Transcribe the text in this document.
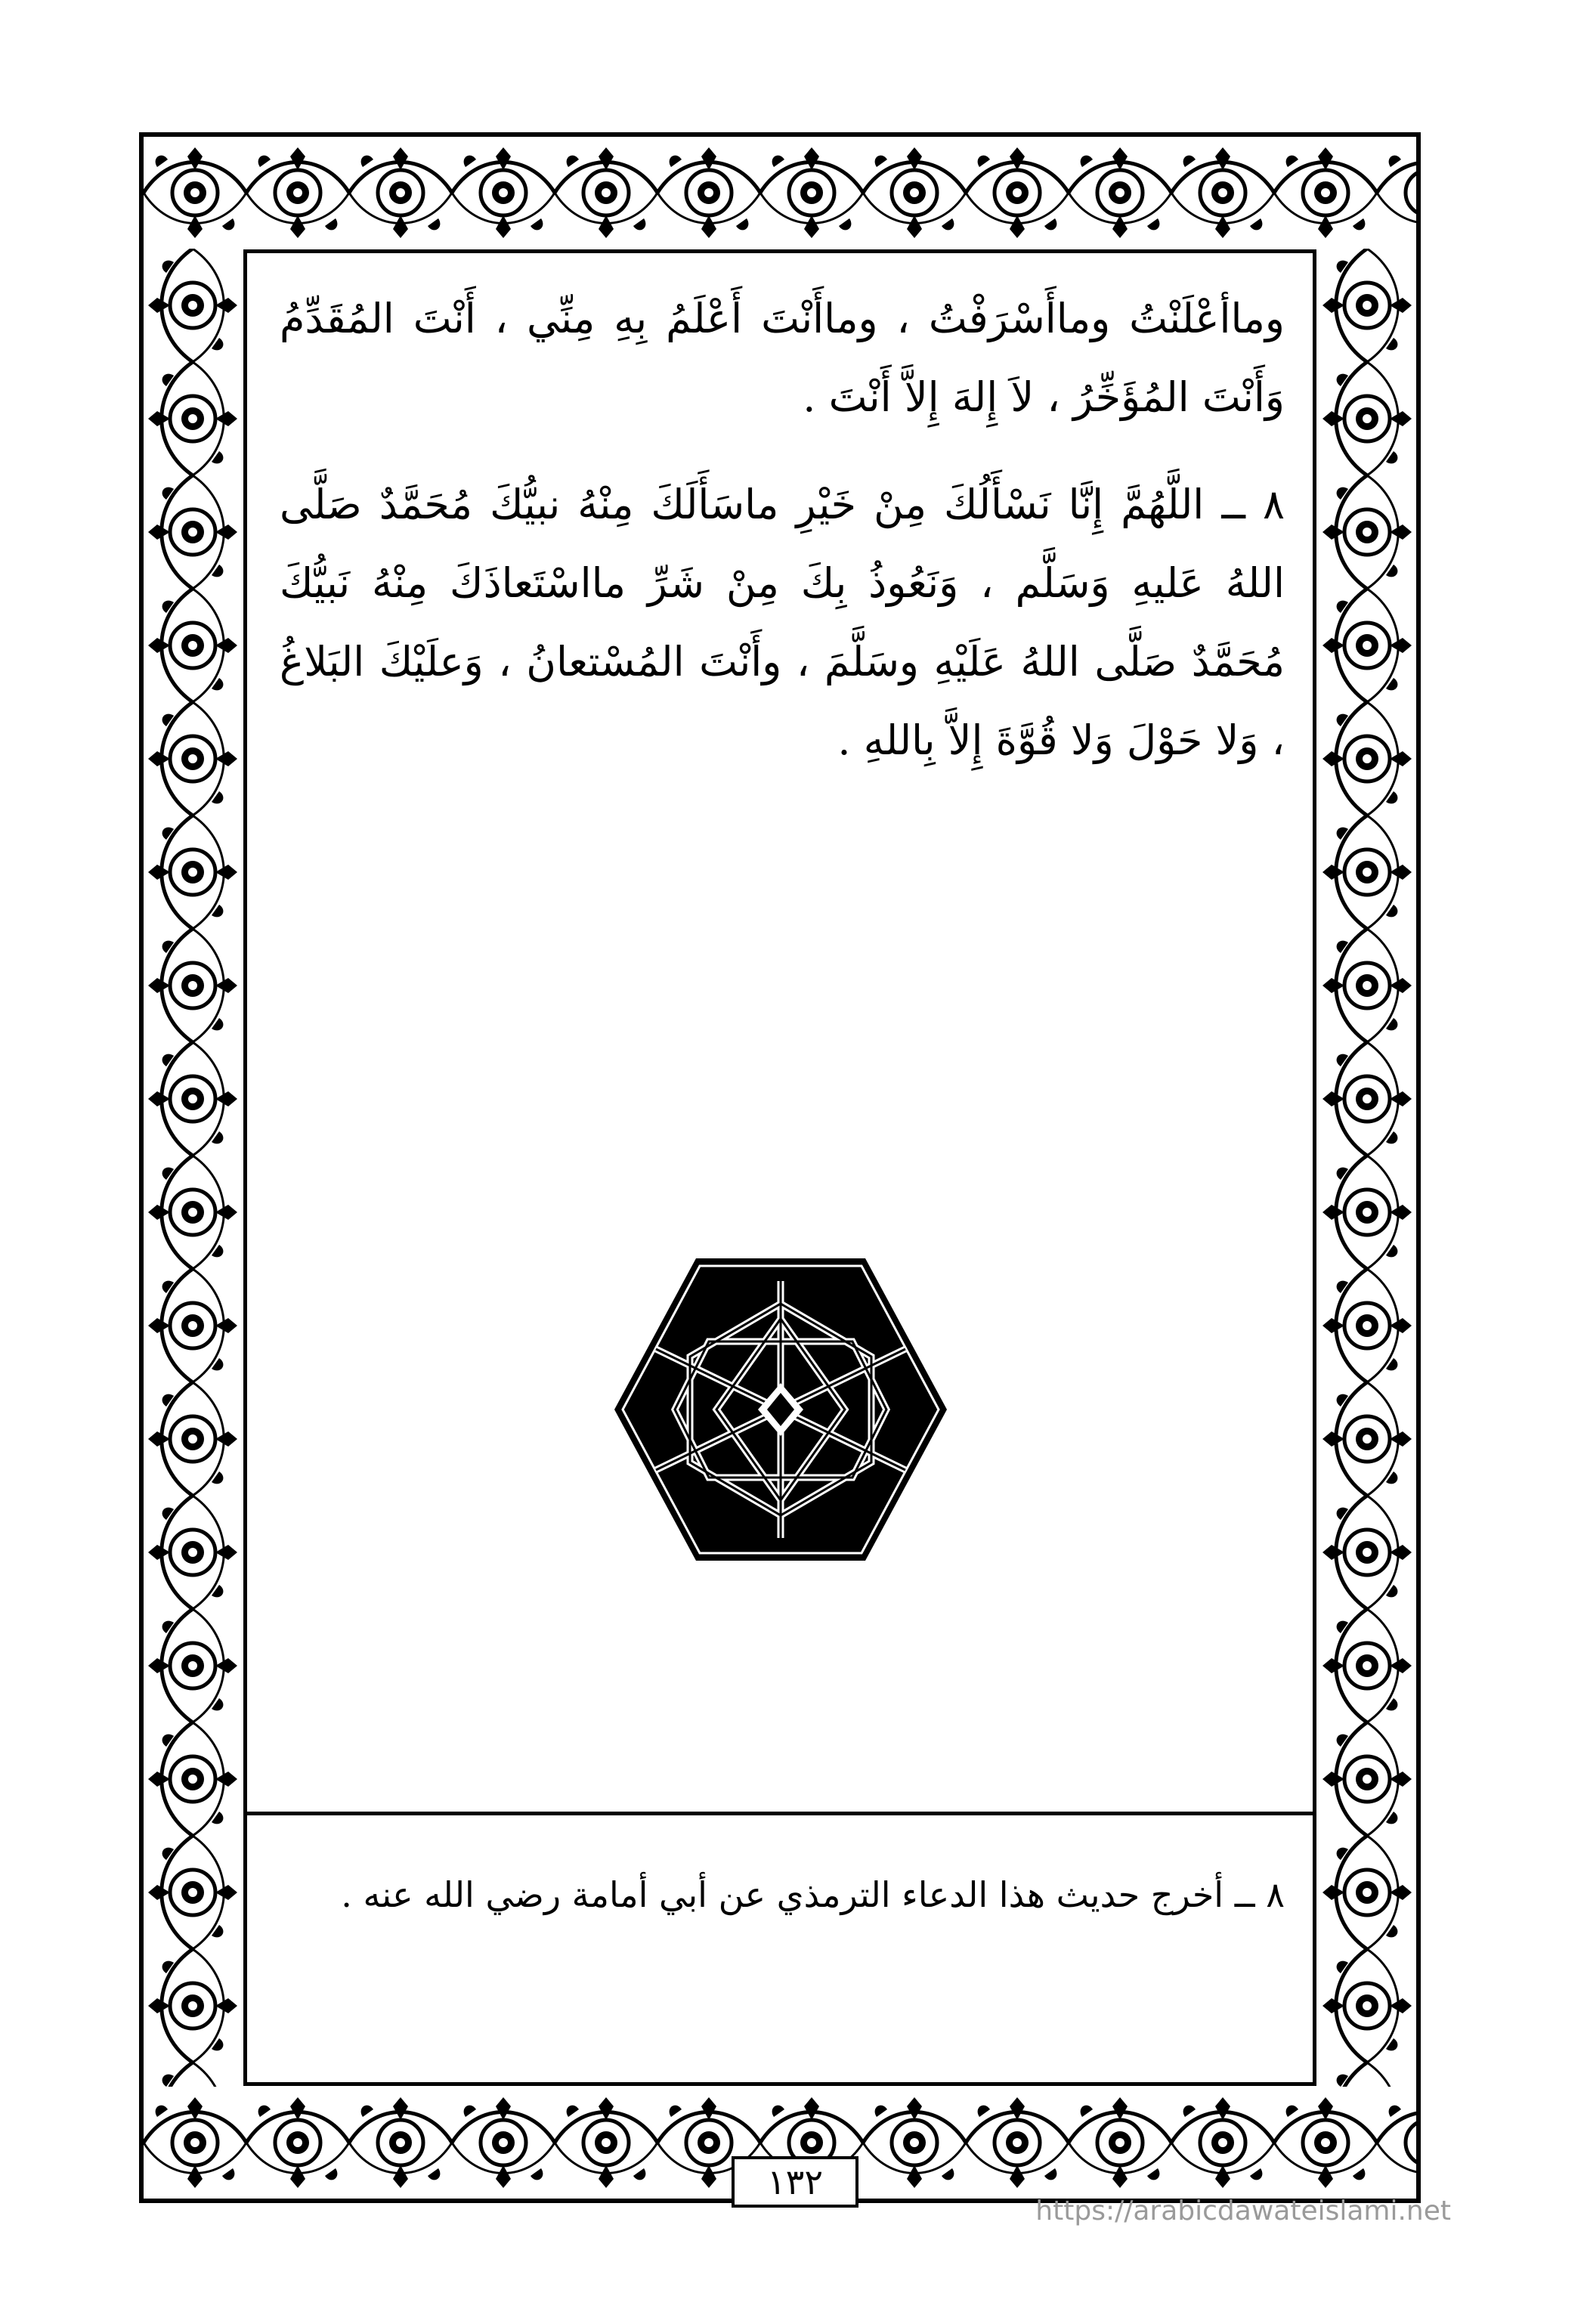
وماأعْلَنْتُ وماأَسْرَفْتُ ، وماأَنْتَ أَعْلَمُ بِهِ مِنِّي ، أَنْتَ المُقَدِّمُ وَأَنْتَ المُؤَخِّرُ ، لاَ إِلهَ إِلاَّ أَنْتَ .

٨ ــ اللَّهُمَّ إِنَّا نَسْأَلُكَ مِنْ خَيْرِ ماسَأَلَكَ مِنْهُ نبيُّكَ مُحَمَّدٌ صَلَّى اللهُ عَليهِ وَسَلَّم ، وَنَعُوذُ بِكَ مِنْ شَرِّ مااسْتَعاذَكَ مِنْهُ نَبيُّكَ مُحَمَّدٌ صَلَّى اللهُ عَلَيْهِ وسَلَّمَ ، وأَنْتَ المُسْتعانُ ، وَعلَيْكَ البَلاغُ ، وَلا حَوْلَ وَلا قُوَّةَ إِلاَّ بِاللهِ .

٨ ــ أخرج حديث هذا الدعاء الترمذي عن أبي أمامة رضي الله عنه .
١٣٢
https://arabicdawateislami.net
